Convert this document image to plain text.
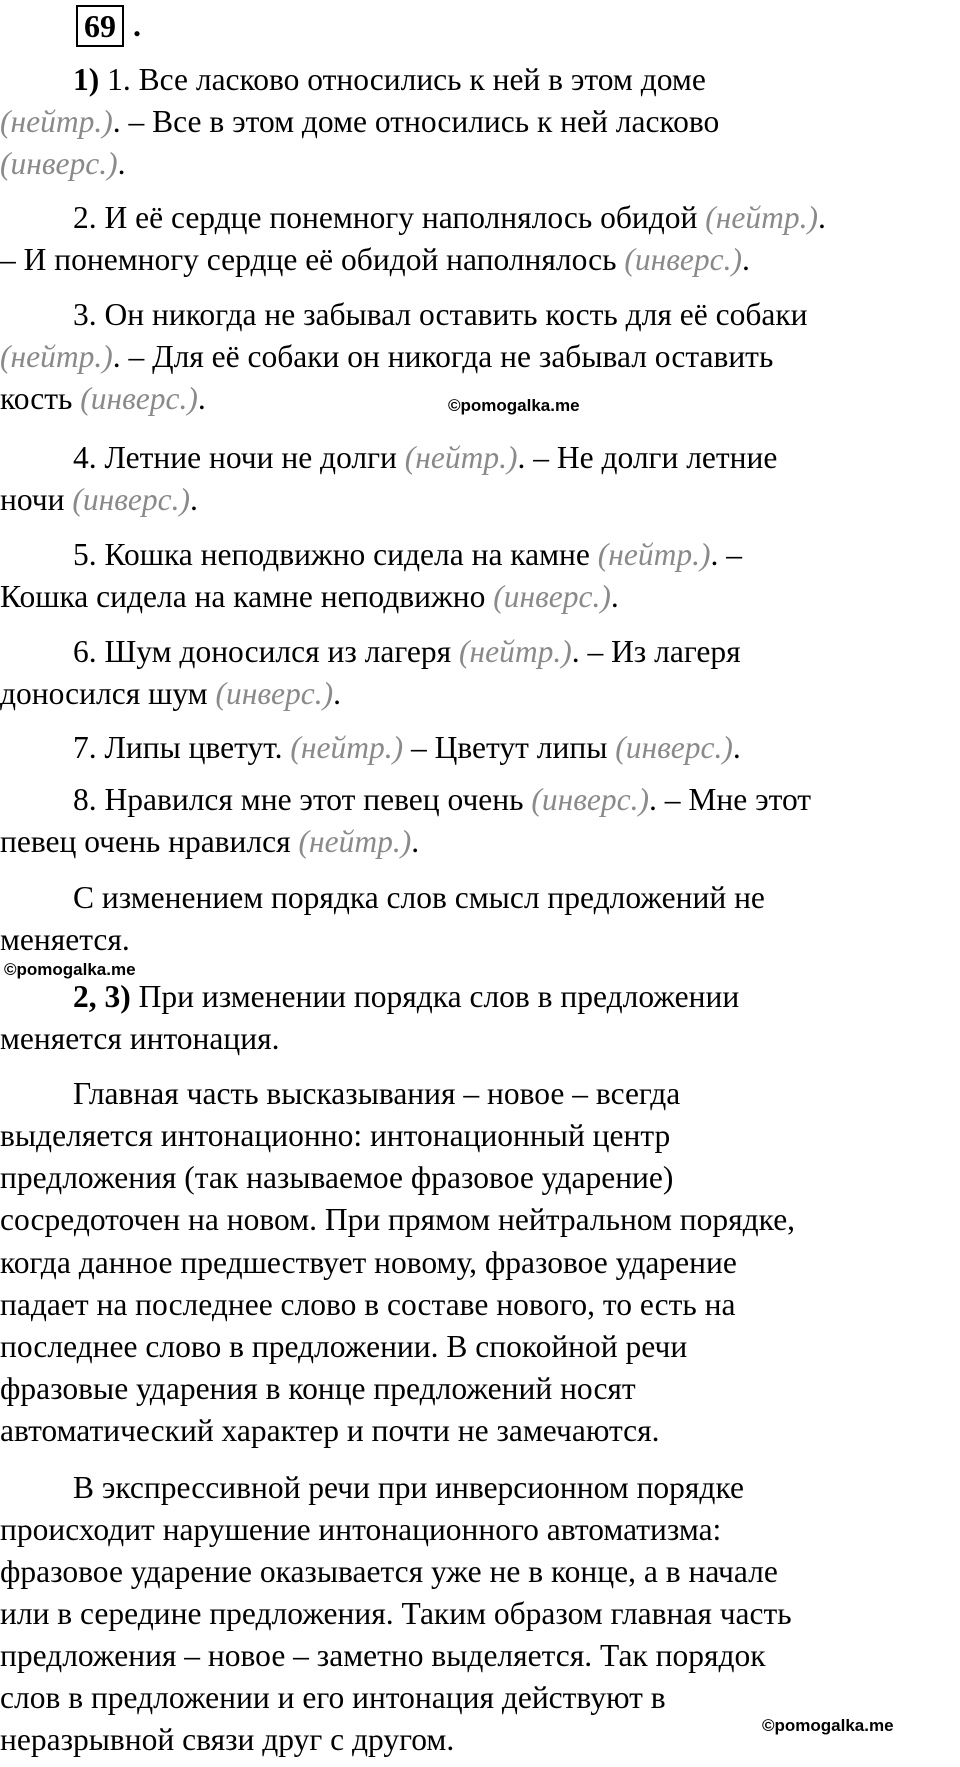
69 .
1) 1. Все ласково относились к ней в этом доме
(нейтр.). – Все в этом доме относились к ней ласково
(инверс.).
2. И её сердце понемногу наполнялось обидой (нейтр.).
– И понемногу сердце её обидой наполнялось (инверс.).
3. Он никогда не забывал оставить кость для её собаки
(нейтр.). – Для её собаки он никогда не забывал оставить
кость (инверс.).	©pomogalka.me
4. Летние ночи не долги (нейтр.). – Не долги летние
ночи (инверс.).
5. Кошка неподвижно сидела на камне (нейтр.). –
Кошка сидела на камне неподвижно (инверс.).
6. Шум доносился из лагеря (нейтр.). – Из лагеря
доносился шум (инверс.).
7. Липы цветут. (нейтр.) – Цветут липы (инверс.).
8. Нравился мне этот певец очень (инверс.). – Мне этот
певец очень нравился (нейтр.).
С изменением порядка слов смысл предложений не
меняется.
©pomogalka.me
2, 3) При изменении порядка слов в предложении
меняется интонация.
Главная часть высказывания – новое – всегда
выделяется интонационно: интонационный центр
предложения (так называемое фразовое ударение)
сосредоточен на новом. При прямом нейтральном порядке,
когда данное предшествует новому, фразовое ударение
падает на последнее слово в составе нового, то есть на
последнее слово в предложении. В спокойной речи
фразовые ударения в конце предложений носят
автоматический характер и почти не замечаются.
В экспрессивной речи при инверсионном порядке
происходит нарушение интонационного автоматизма:
фразовое ударение оказывается уже не в конце, а в начале
или в середине предложения. Таким образом главная часть
предложения – новое – заметно выделяется. Так порядок
слов в предложении и его интонация действуют в
неразрывной связи друг с другом.	©pomogalka.me
